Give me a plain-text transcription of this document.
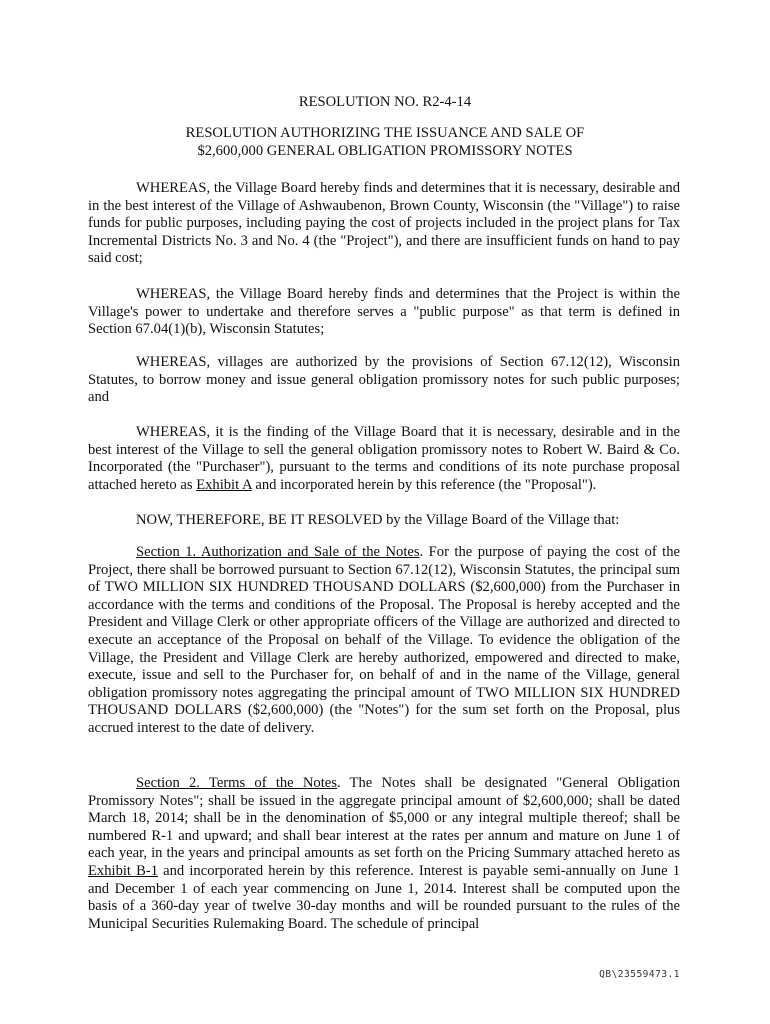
RESOLUTION NO. R2-4-14
RESOLUTION AUTHORIZING THE ISSUANCE AND SALE OF
$2,600,000 GENERAL OBLIGATION PROMISSORY NOTES

WHEREAS, the Village Board hereby finds and determines that it is necessary, desirable and in the best interest of the Village of Ashwaubenon, Brown County, Wisconsin (the "Village") to raise funds for public purposes, including paying the cost of projects included in the project plans for Tax Incremental Districts No. 3 and No. 4 (the "Project"), and there are insufficient funds on hand to pay said cost;

WHEREAS, the Village Board hereby finds and determines that the Project is within the Village's power to undertake and therefore serves a "public purpose" as that term is defined in Section 67.04(1)(b), Wisconsin Statutes;

WHEREAS, villages are authorized by the provisions of Section 67.12(12), Wisconsin Statutes, to borrow money and issue general obligation promissory notes for such public purposes; and

WHEREAS, it is the finding of the Village Board that it is necessary, desirable and in the best interest of the Village to sell the general obligation promissory notes to Robert W. Baird & Co. Incorporated (the "Purchaser"), pursuant to the terms and conditions of its note purchase proposal attached hereto as Exhibit A and incorporated herein by this reference (the "Proposal").

NOW, THEREFORE, BE IT RESOLVED by the Village Board of the Village that:

Section 1. Authorization and Sale of the Notes. For the purpose of paying the cost of the Project, there shall be borrowed pursuant to Section 67.12(12), Wisconsin Statutes, the principal sum of TWO MILLION SIX HUNDRED THOUSAND DOLLARS ($2,600,000) from the Purchaser in accordance with the terms and conditions of the Proposal. The Proposal is hereby accepted and the President and Village Clerk or other appropriate officers of the Village are authorized and directed to execute an acceptance of the Proposal on behalf of the Village. To evidence the obligation of the Village, the President and Village Clerk are hereby authorized, empowered and directed to make, execute, issue and sell to the Purchaser for, on behalf of and in the name of the Village, general obligation promissory notes aggregating the principal amount of TWO MILLION SIX HUNDRED THOUSAND DOLLARS ($2,600,000) (the "Notes") for the sum set forth on the Proposal, plus accrued interest to the date of delivery.

Section 2. Terms of the Notes. The Notes shall be designated "General Obligation Promissory Notes"; shall be issued in the aggregate principal amount of $2,600,000; shall be dated March 18, 2014; shall be in the denomination of $5,000 or any integral multiple thereof; shall be numbered R-1 and upward; and shall bear interest at the rates per annum and mature on June 1 of each year, in the years and principal amounts as set forth on the Pricing Summary attached hereto as Exhibit B-1 and incorporated herein by this reference. Interest is payable semi-annually on June 1 and December 1 of each year commencing on June 1, 2014. Interest shall be computed upon the basis of a 360-day year of twelve 30-day months and will be rounded pursuant to the rules of the Municipal Securities Rulemaking Board. The schedule of principal

QB\23559473.1
